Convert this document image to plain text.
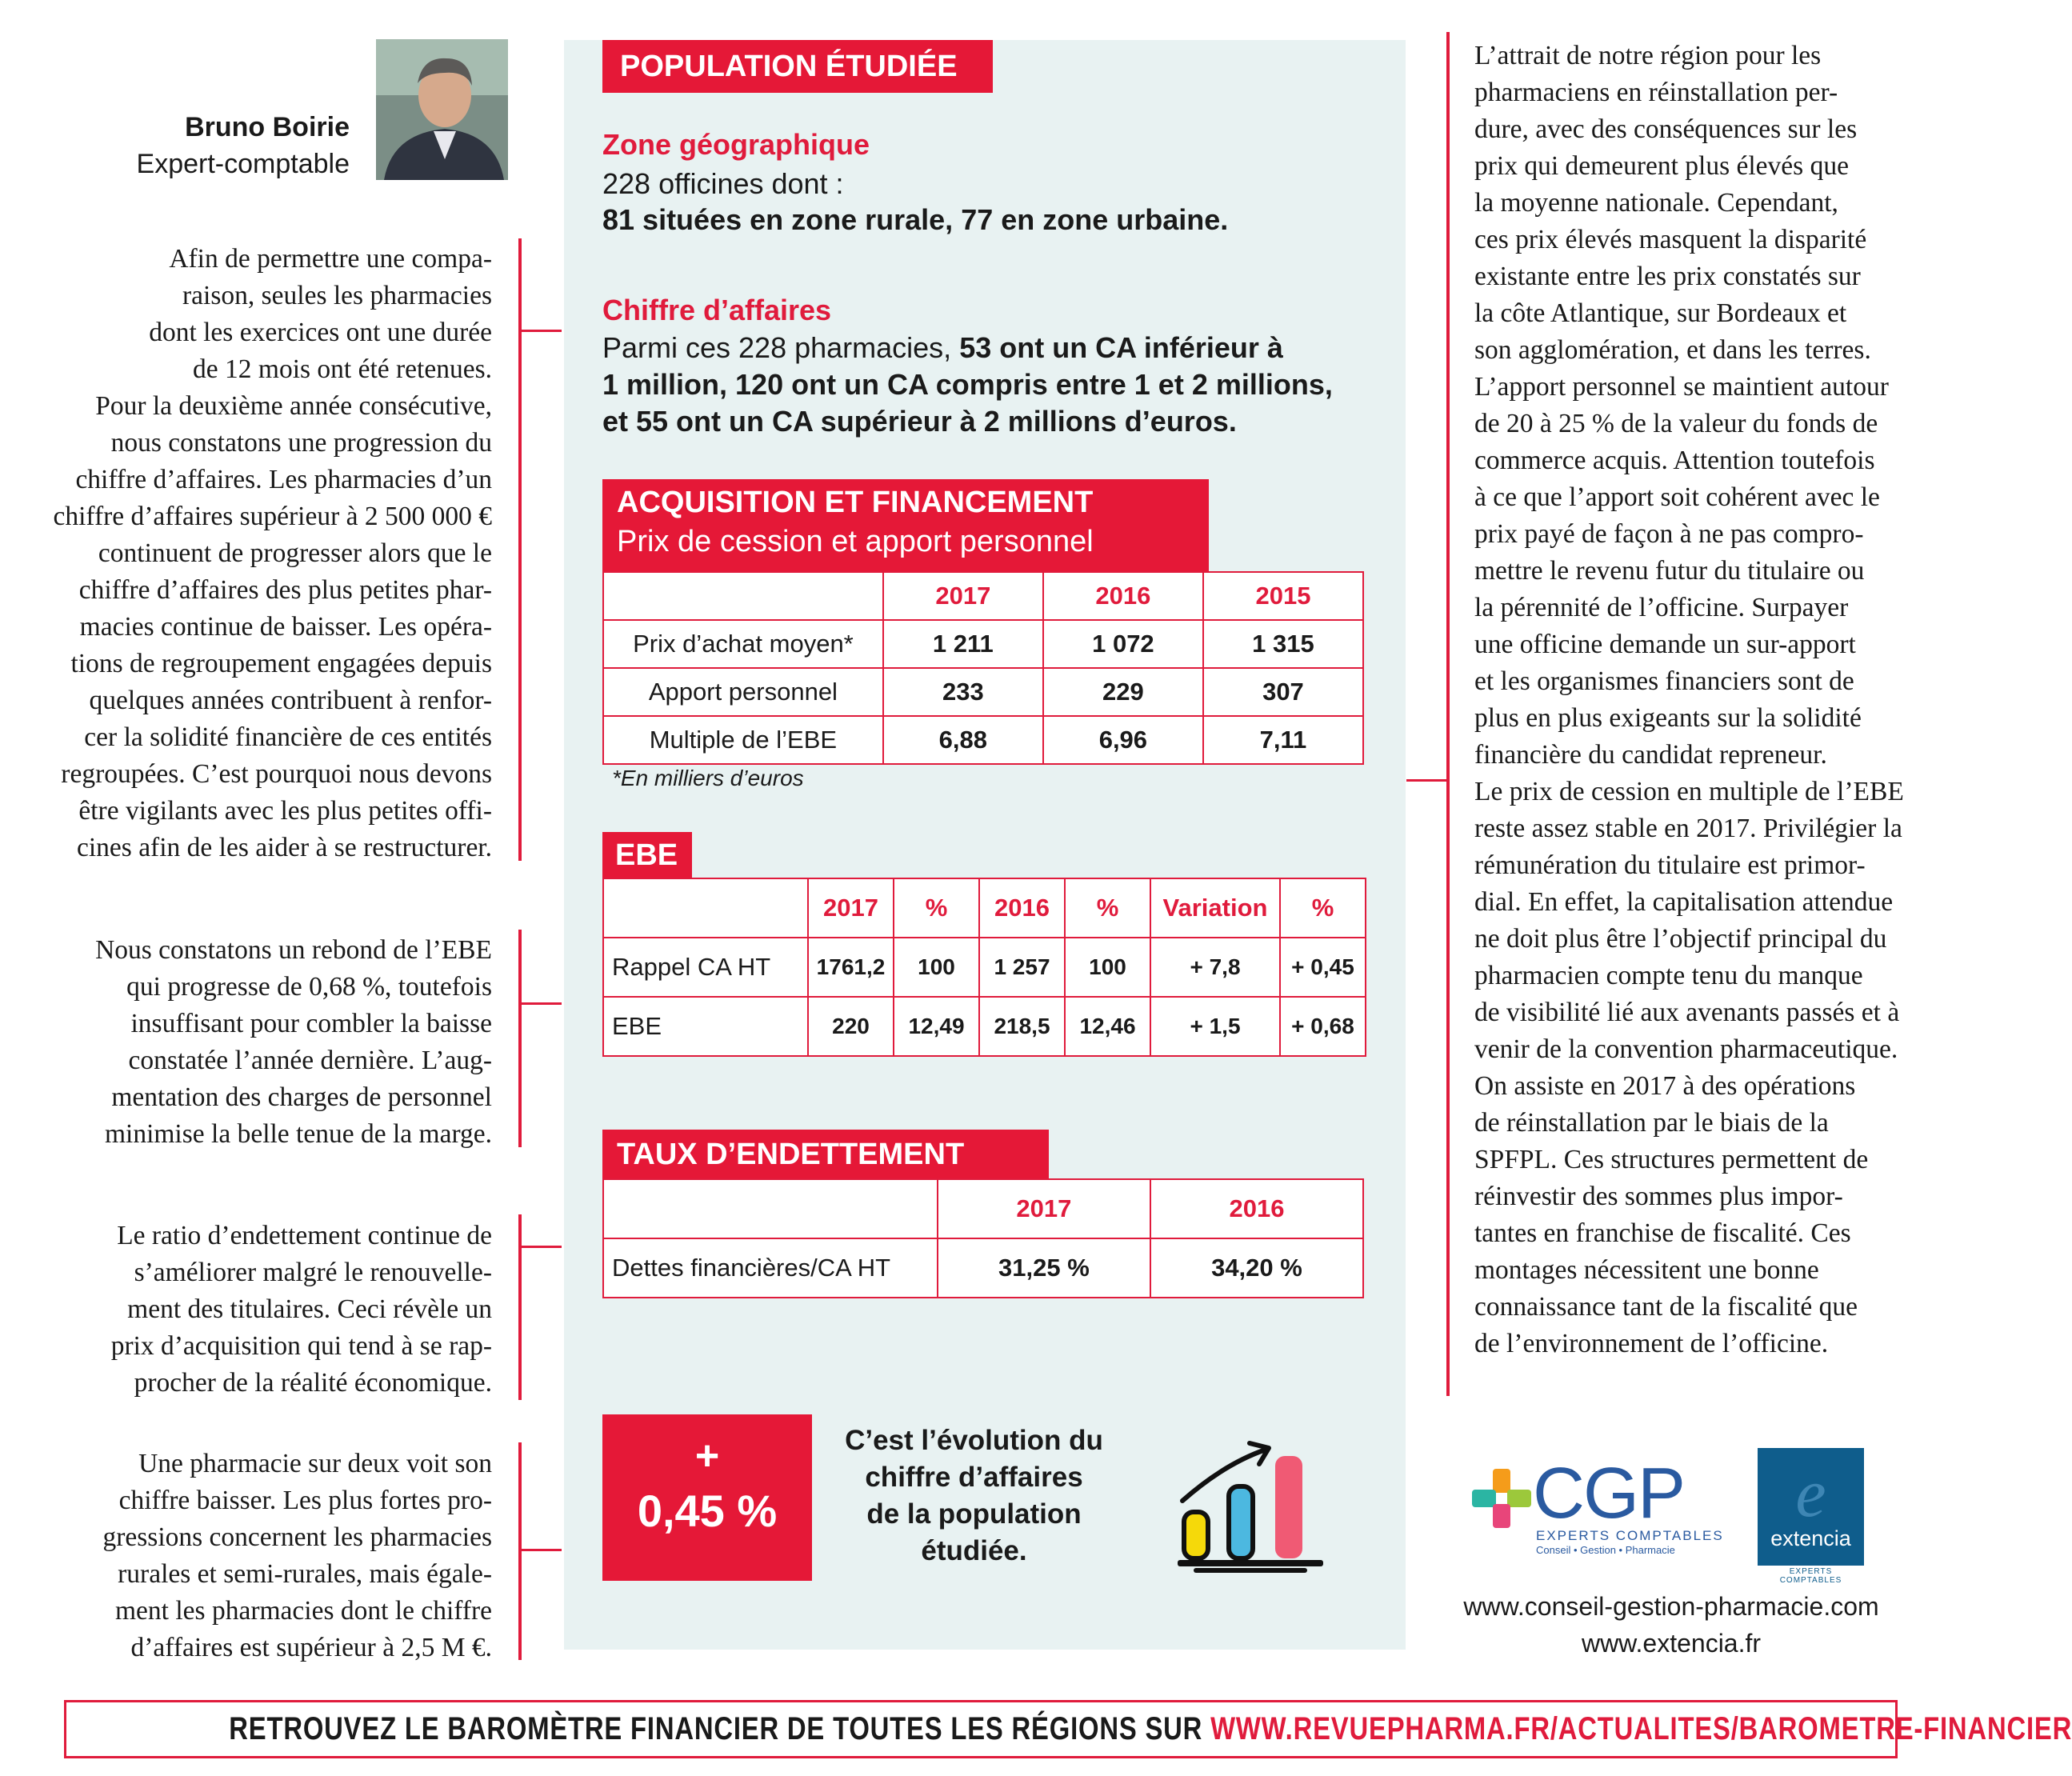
Bruno Boirie
Expert-comptable
Afin de permettre une compa-
raison, seules les pharmacies
dont les exercices ont une durée
de 12 mois ont été retenues.
Pour la deuxième année consécutive,
nous constatons une progression du
chiffre d’affaires. Les pharmacies d’un
chiffre d’affaires supérieur à 2 500 000 €
continuent de progresser alors que le
chiffre d’affaires des plus petites phar-
macies continue de baisser. Les opéra-
tions de regroupement engagées depuis
quelques années contribuent à renfor-
cer la solidité financière de ces entités
regroupées. C’est pourquoi nous devons
être vigilants avec les plus petites offi-
cines afin de les aider à se restructurer.
Nous constatons un rebond de l’EBE
qui progresse de 0,68 %, toutefois
insuffisant pour combler la baisse
constatée l’année dernière. L’aug-
mentation des charges de personnel
minimise la belle tenue de la marge.
Le ratio d’endettement continue de
s’améliorer malgré le renouvelle-
ment des titulaires. Ceci révèle un
prix d’acquisition qui tend à se rap-
procher de la réalité économique.
Une pharmacie sur deux voit son
chiffre baisser. Les plus fortes pro-
gressions concernent les pharmacies
rurales et semi-rurales, mais égale-
ment les pharmacies dont le chiffre
d’affaires est supérieur à 2,5 M €.
POPULATION ÉTUDIÉE
Zone géographique
228 officines dont :
81 situées en zone rurale, 77 en zone urbaine.
Chiffre d’affaires
Parmi ces 228 pharmacies, 53 ont un CA inférieur à
1 million, 120 ont un CA compris entre 1 et 2 millions,
et 55 ont un CA supérieur à 2 millions d’euros.
ACQUISITION ET FINANCEMENT
Prix de cession et apport personnel
	2017	2016	2015
Prix d’achat moyen*	1 211	1 072	1 315
Apport personnel	233	229	307
Multiple de l’EBE	6,88	6,96	7,11
*En milliers d’euros
EBE
	2017	%	2016	%	Variation	%
Rappel CA HT	1761,2	100	1 257	100	+ 7,8	+ 0,45
EBE	220	12,49	218,5	12,46	+ 1,5	+ 0,68
TAUX D’ENDETTEMENT
	2017	2016
Dettes financières/CA HT	31,25 %	34,20 %
+
0,45 %
C’est l’évolution du
chiffre d’affaires
de la population
étudiée.
L’attrait de notre région pour les
pharmaciens en réinstallation per-
dure, avec des conséquences sur les
prix qui demeurent plus élevés que
la moyenne nationale. Cependant,
ces prix élevés masquent la disparité
existante entre les prix constatés sur
la côte Atlantique, sur Bordeaux et
son agglomération, et dans les terres.
L’apport personnel se maintient autour
de 20 à 25 % de la valeur du fonds de
commerce acquis. Attention toutefois
à ce que l’apport soit cohérent avec le
prix payé de façon à ne pas compro-
mettre le revenu futur du titulaire ou
la pérennité de l’officine. Surpayer
une officine demande un sur-apport
et les organismes financiers sont de
plus en plus exigeants sur la solidité
financière du candidat repreneur.
Le prix de cession en multiple de l’EBE
reste assez stable en 2017. Privilégier la
rémunération du titulaire est primor-
dial. En effet, la capitalisation attendue
ne doit plus être l’objectif principal du
pharmacien compte tenu du manque
de visibilité lié aux avenants passés et à
venir de la convention pharmaceutique.
On assiste en 2017 à des opérations
de réinstallation par le biais de la
SPFPL. Ces structures permettent de
réinvestir des sommes plus impor-
tantes en franchise de fiscalité. Ces
montages nécessitent une bonne
connaissance tant de la fiscalité que
de l’environnement de l’officine.
CGP
EXPERTS COMPTABLES
Conseil • Gestion • Pharmacie
e
extencia
EXPERTS COMPTABLES
www.conseil-gestion-pharmacie.com
www.extencia.fr
RETROUVEZ LE BAROMÈTRE FINANCIER DE TOUTES LES RÉGIONS SUR WWW.REVUEPHARMA.FR/ACTUALITES/BAROMETRE-FINANCIER
